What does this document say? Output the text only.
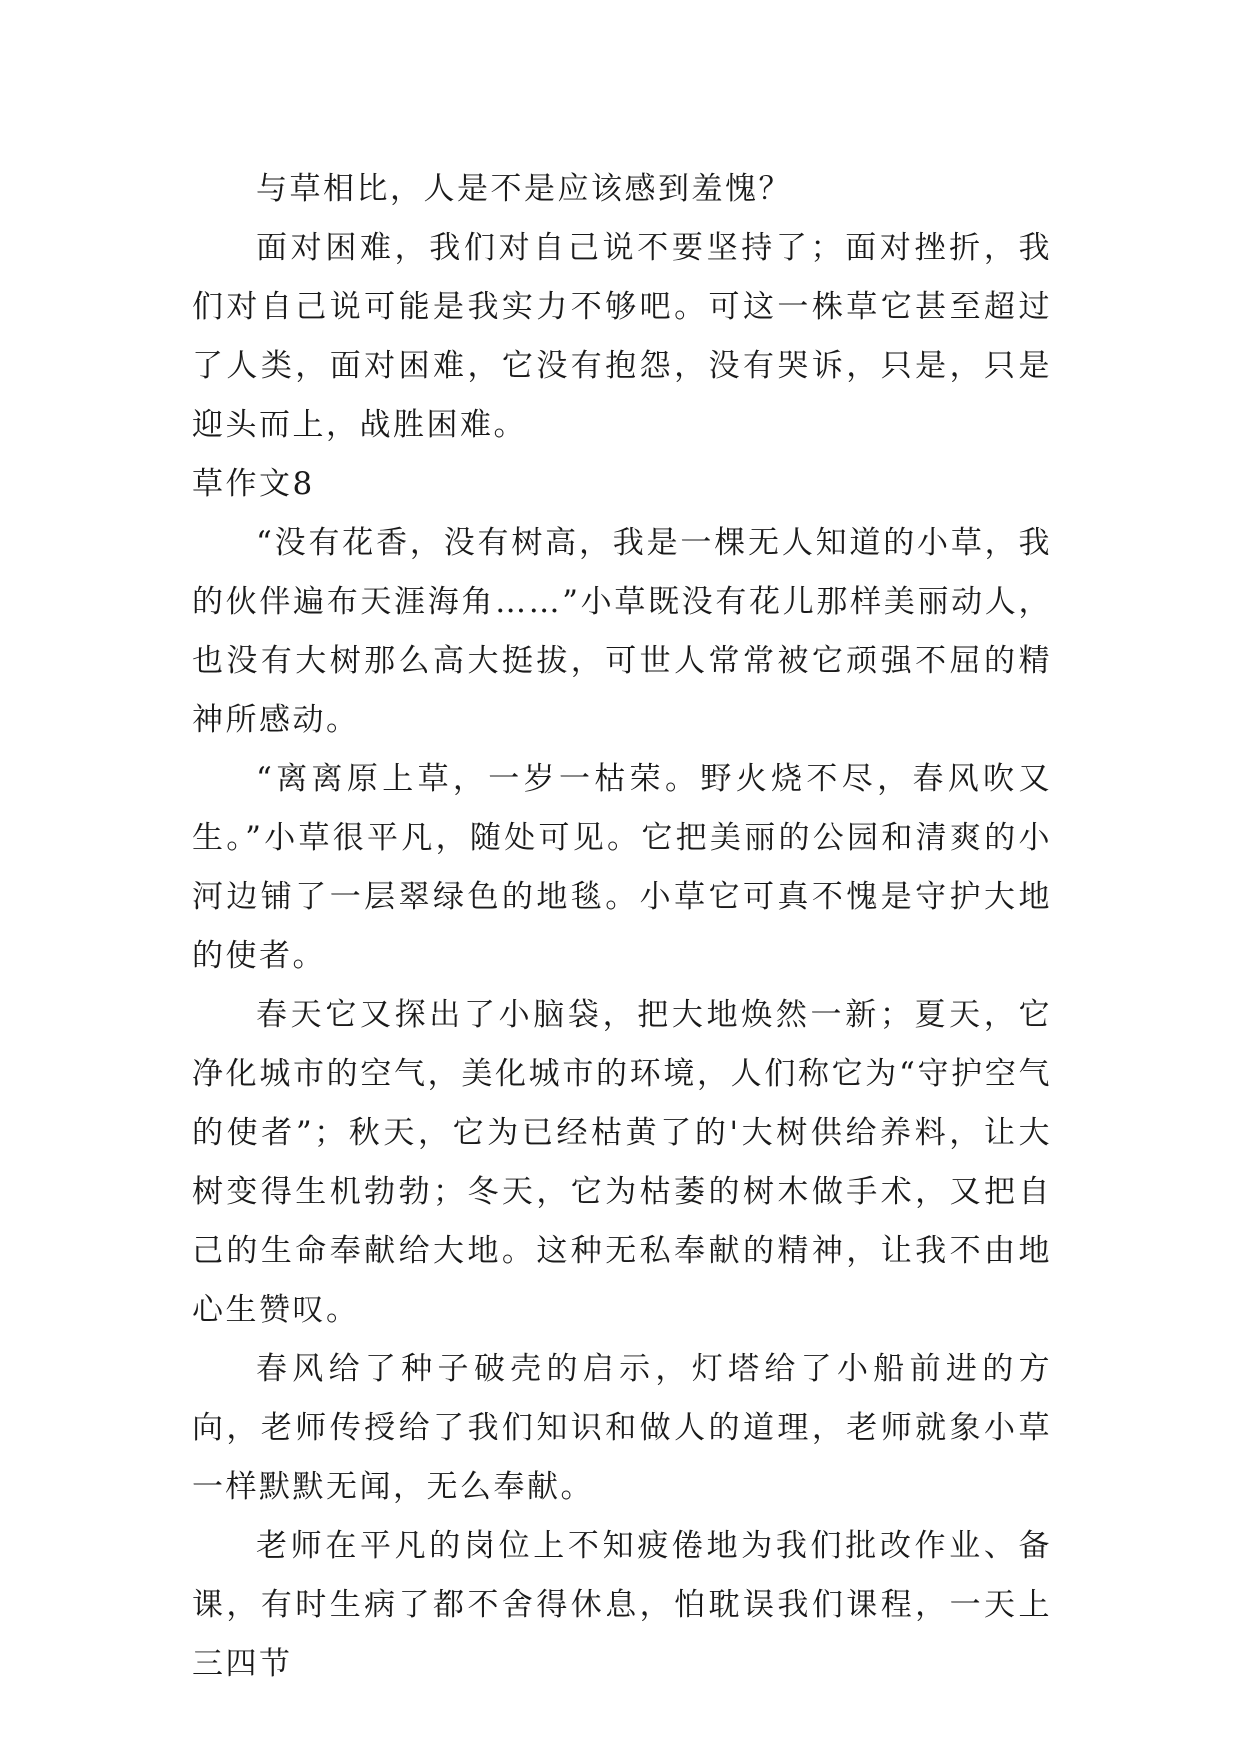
与草相比，人是不是应该感到羞愧？

面对困难，我们对自己说不要坚持了；面对挫折，我们对自己说可能是我实力不够吧。可这一株草它甚至超过了人类，面对困难，它没有抱怨，没有哭诉，只是，只是迎头而上，战胜困难。

草作文8

“没有花香，没有树高，我是一棵无人知道的小草，我的伙伴遍布天涯海角……”小草既没有花儿那样美丽动人，也没有大树那么高大挺拔，可世人常常被它顽强不屈的精神所感动。

“离离原上草，一岁一枯荣。野火烧不尽，春风吹又生。”小草很平凡，随处可见。它把美丽的公园和清爽的小河边铺了一层翠绿色的地毯。小草它可真不愧是守护大地的使者。

春天它又探出了小脑袋，把大地焕然一新；夏天，它净化城市的空气，美化城市的环境，人们称它为“守护空气的使者”；秋天，它为已经枯黄了的'大树供给养料，让大树变得生机勃勃；冬天，它为枯萎的树木做手术，又把自己的生命奉献给大地。这种无私奉献的精神，让我不由地心生赞叹。

春风给了种子破壳的启示，灯塔给了小船前进的方向，老师传授给了我们知识和做人的道理，老师就象小草一样默默无闻，无么奉献。

老师在平凡的岗位上不知疲倦地为我们批改作业、备课，有时生病了都不舍得休息，怕耽误我们课程，一天上三四节
